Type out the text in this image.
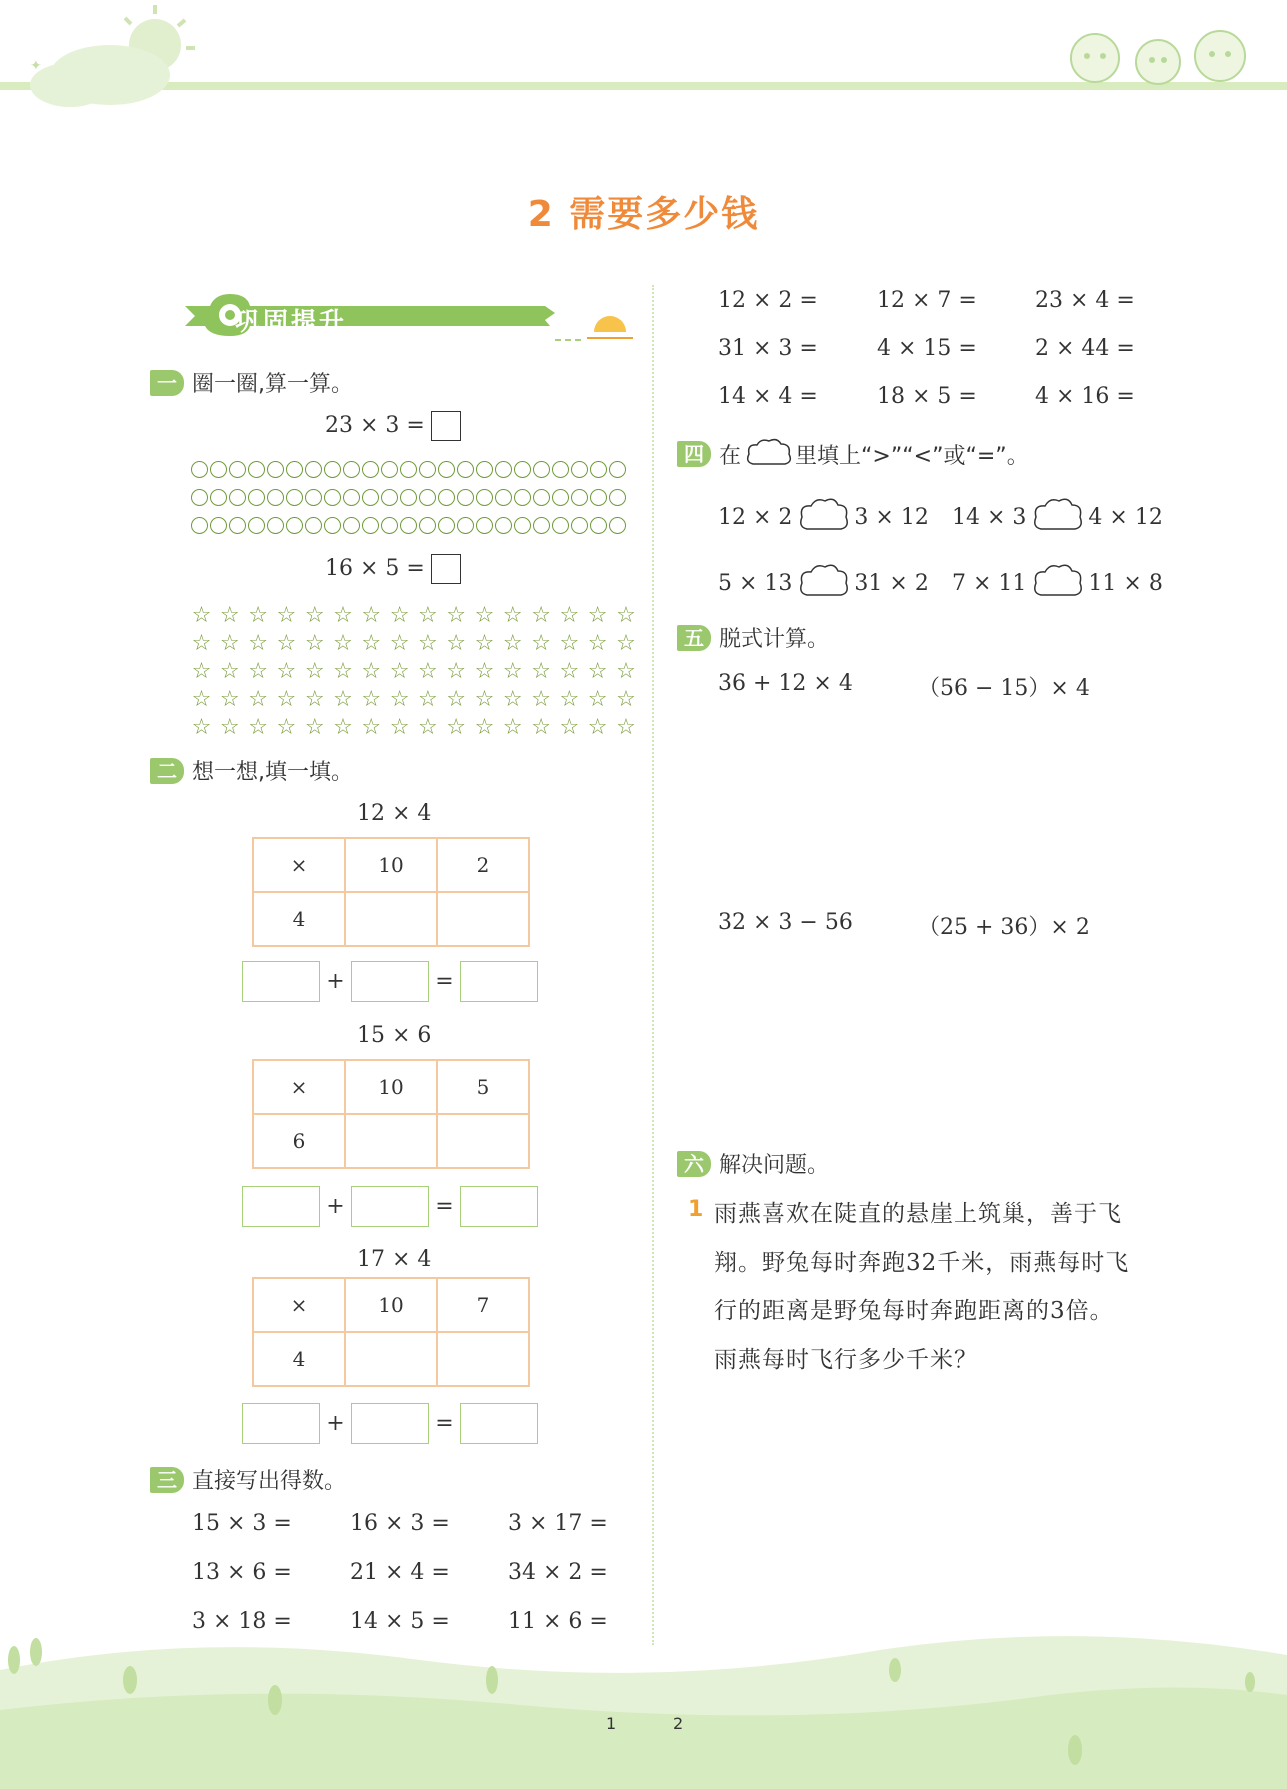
✦
2 需要多少钱
巩固提升
一 圈一圈,算一算。
23 × 3 =
16 × 5 =
☆ ☆ ☆ ☆ ☆ ☆ ☆ ☆ ☆ ☆ ☆ ☆ ☆ ☆ ☆ ☆
☆ ☆ ☆ ☆ ☆ ☆ ☆ ☆ ☆ ☆ ☆ ☆ ☆ ☆ ☆ ☆
☆ ☆ ☆ ☆ ☆ ☆ ☆ ☆ ☆ ☆ ☆ ☆ ☆ ☆ ☆ ☆
☆ ☆ ☆ ☆ ☆ ☆ ☆ ☆ ☆ ☆ ☆ ☆ ☆ ☆ ☆ ☆
☆ ☆ ☆ ☆ ☆ ☆ ☆ ☆ ☆ ☆ ☆ ☆ ☆ ☆ ☆ ☆
二 想一想,填一填。
12 × 4
×	10	2
4		
+	=
15 × 6
×	10	5
6		
+	=
17 × 4
×	10	7
4		
+	=
三 直接写出得数。
15 × 3 =	16 × 3 =	3 × 17 =
13 × 6 =	21 × 4 =	34 × 2 =
3 × 18 =	14 × 5 =	11 × 6 =
12 × 2 =	12 × 7 =	23 × 4 =
31 × 3 =	4 × 15 =	2 × 44 =
14 × 4 =	18 × 5 =	4 × 16 =
四 在 里填上“>”“<”或“=”。
12 × 2	3 × 12 14 × 3	4 × 12
5 × 13	31 × 2 7 × 11	11 × 8
五 脱式计算。
36 + 12 × 4	（56 − 15）× 4
32 × 3 − 56	（25 + 36）× 2
六 解决问题。
1 雨燕喜欢在陡直的悬崖上筑巢，善于飞
翔。野兔每时奔跑32千米，雨燕每时飞
行的距离是野兔每时奔跑距离的3倍。
雨燕每时飞行多少千米？
1	2
